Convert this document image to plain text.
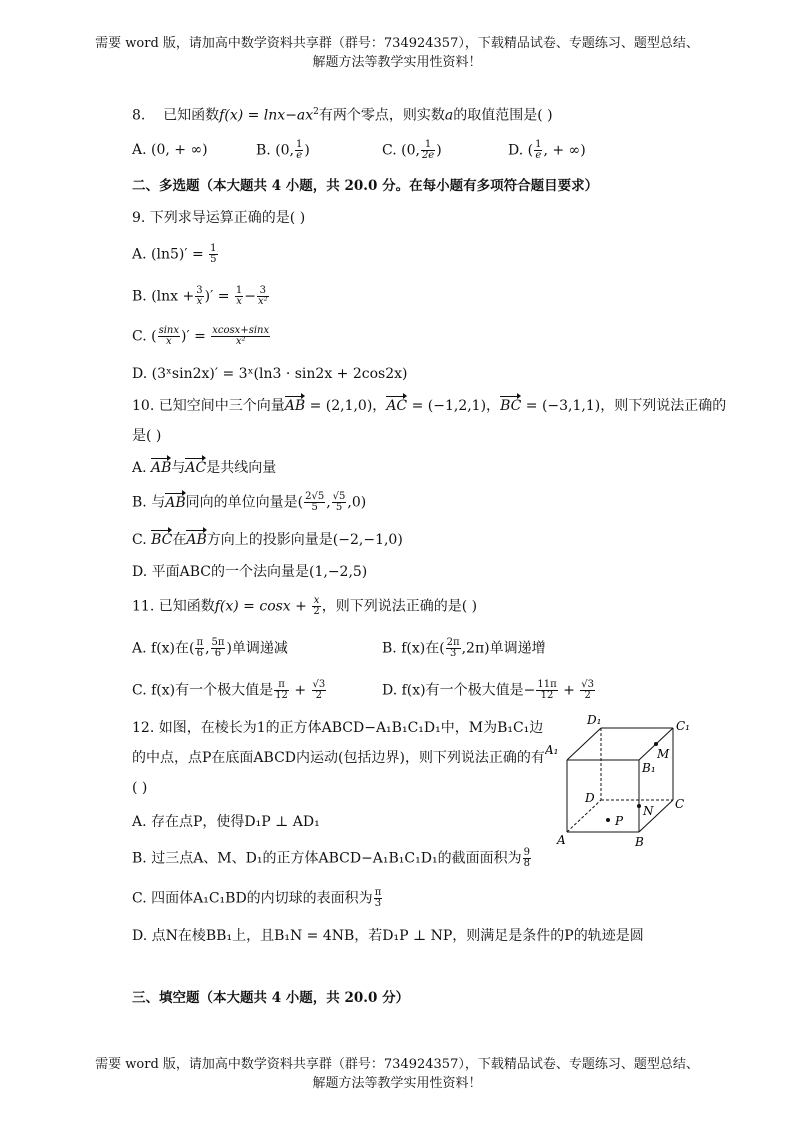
需要 word 版，请加高中数学资料共享群（群号：734924357），下载精品试卷、专题练习、题型总结、
解题方法等教学实用性资料！
8. 已知函数$f(x) = \ln x-ax^2$有两个零点，则实数a的取值范围是( )
A. (0, + ∞)	B. (0, $\frac{1}{e}$ )	C. (0, $\frac{1}{2e}$ )	D. ( $\frac{1}{e}$ , + ∞)
二、多选题（本大题共 4 小题，共 20.0 分。在每小题有多项符合题目要求）
9. 下列求导运算正确的是( )
A. $(\ln 5)' = \frac{1}{5}$
B. ($\ln x + \frac{3}{x}$ )′ = $\frac{1}{x} - \frac{3}{\text{x²}}$
C. ( $\frac{\sin x}{x}$ )′ = $\frac{xcosx+\sin x}{\text{x²}}$
D. (3ˣsin2x)′ = 3ˣ(ln3 · sin2x + 2cos2x)
10. 已知空间中三个向量AB = (2,1,0)，AC = (−1,2,1)，BC = (−3,1,1)，则下列说法正确的
是( )
A. AB与AC是共线向量
B. 与AB同向的单位向量是( $\frac{2√5}{5}$ , $\frac{√5}{5} ,0$)
C. BC在AB方向上的投影向量是(−2,−1,0)
D. 平面ABC的一个法向量是(1,−2,5)
11. 已知函数$f(x) = \cos x + \frac{x}{2}$ ，则下列说法正确的是( )
A. f(x)在( $\frac{\pi}{6}$ , $\frac{5\pi}{6}$ )单调递减	B. f(x)在( $\frac{2\pi}{3} ,2\pi$)单调递增
C. f(x)有一个极大值是 $\frac{\pi}{12} + \frac{√3}{2}$	D. f(x)有一个极大值是− $\frac{11\pi}{12} + \frac{√3}{2}$
12. 如图，在棱长为1的正方体ABCD−A₁B₁C₁D₁中，M为B₁C₁边
的中点，点P在底面ABCD内运动(包括边界)，则下列说法正确的有
( )
A. 存在点P，使得D₁P ⊥ AD₁
B. 过三点A、M、D₁的正方体ABCD−A₁B₁C₁D₁的截面面积为 $\frac{9}{8}$
C. 四面体A₁C₁BD的内切球的表面积为 $\frac{\pi}{3}$
D. 点N在棱BB₁上，且B₁N = 4NB，若D₁P ⊥ NP，则满足是条件的P的轨迹是圆
D₁	C₁
A₁
B₁
M
D	C
N
P
A	B
三、填空题（本大题共 4 小题，共 20.0 分）
需要 word 版，请加高中数学资料共享群（群号：734924357），下载精品试卷、专题练习、题型总结、
解题方法等教学实用性资料！
